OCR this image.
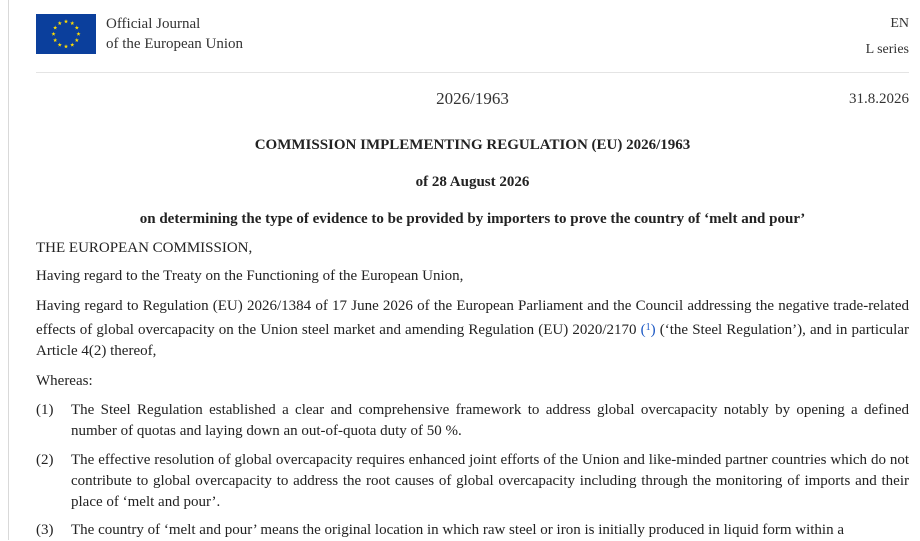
Official Journal
of the European Union
EN
L series
2026/1963	31.8.2026
COMMISSION IMPLEMENTING REGULATION (EU) 2026/1963
of 28 August 2026
on determining the type of evidence to be provided by importers to prove the country of ‘melt and pour’

THE EUROPEAN COMMISSION,

Having regard to the Treaty on the Functioning of the European Union,

Having regard to Regulation (EU) 2026/1384 of 17 June 2026 of the European Parliament and the Council addressing the negative trade-related effects of global overcapacity on the Union steel market and amending Regulation (EU) 2020/2170 ($^1$) (‘the Steel Regulation’), and in particular Article 4(2) thereof,

Whereas:

(1)	The Steel Regulation established a clear and comprehensive framework to address global overcapacity notably by opening a defined number of quotas and laying down an out-of-quota duty of 50 %.
(2)	The effective resolution of global overcapacity requires enhanced joint efforts of the Union and like-minded partner countries which do not contribute to global overcapacity to address the root causes of global overcapacity including through the monitoring of imports and their place of ‘melt and pour’.
(3)	The country of ‘melt and pour’ means the original location in which raw steel or iron is initially produced in liquid form within a
